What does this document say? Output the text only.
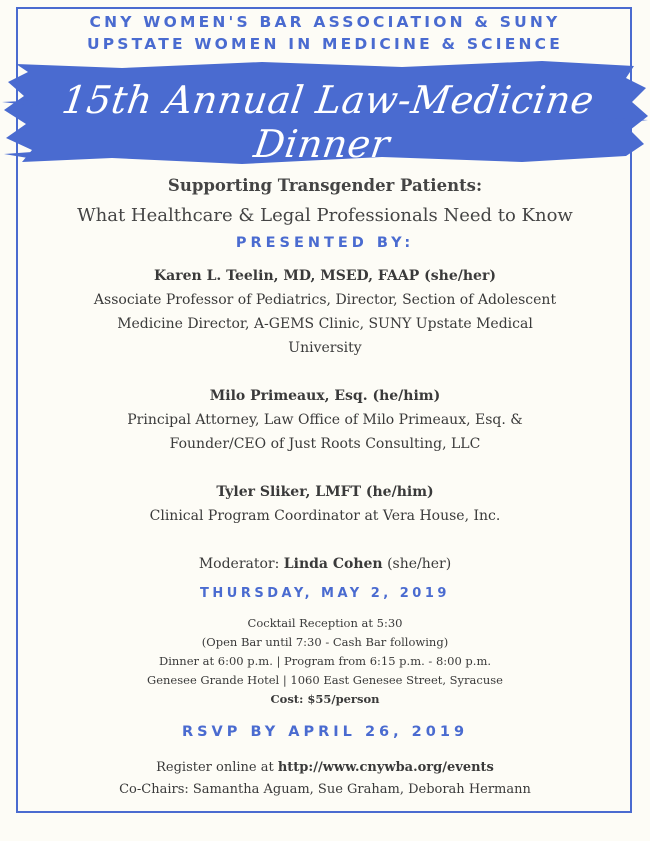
CNY WOMEN'S BAR ASSOCIATION & SUNY
UPSTATE WOMEN IN MEDICINE & SCIENCE
15th Annual Law-Medicine Dinner
Supporting Transgender Patients:
What Healthcare & Legal Professionals Need to Know
PRESENTED BY:
Karen L. Teelin, MD, MSED, FAAP (she/her)
Associate Professor of Pediatrics, Director, Section of Adolescent
Medicine Director, A-GEMS Clinic, SUNY Upstate Medical
University
Milo Primeaux, Esq. (he/him)
Principal Attorney, Law Office of Milo Primeaux, Esq. &
Founder/CEO of Just Roots Consulting, LLC
Tyler Sliker, LMFT (he/him)
Clinical Program Coordinator at Vera House, Inc.
Moderator: Linda Cohen (she/her)
THURSDAY, MAY 2, 2019
Cocktail Reception at 5:30
(Open Bar until 7:30 - Cash Bar following)
Dinner at 6:00 p.m. | Program from 6:15 p.m. - 8:00 p.m.
Genesee Grande Hotel | 1060 East Genesee Street, Syracuse
Cost: $55/person
RSVP BY APRIL 26, 2019
Register online at http://www.cnywba.org/events
Co-Chairs: Samantha Aguam, Sue Graham, Deborah Hermann
